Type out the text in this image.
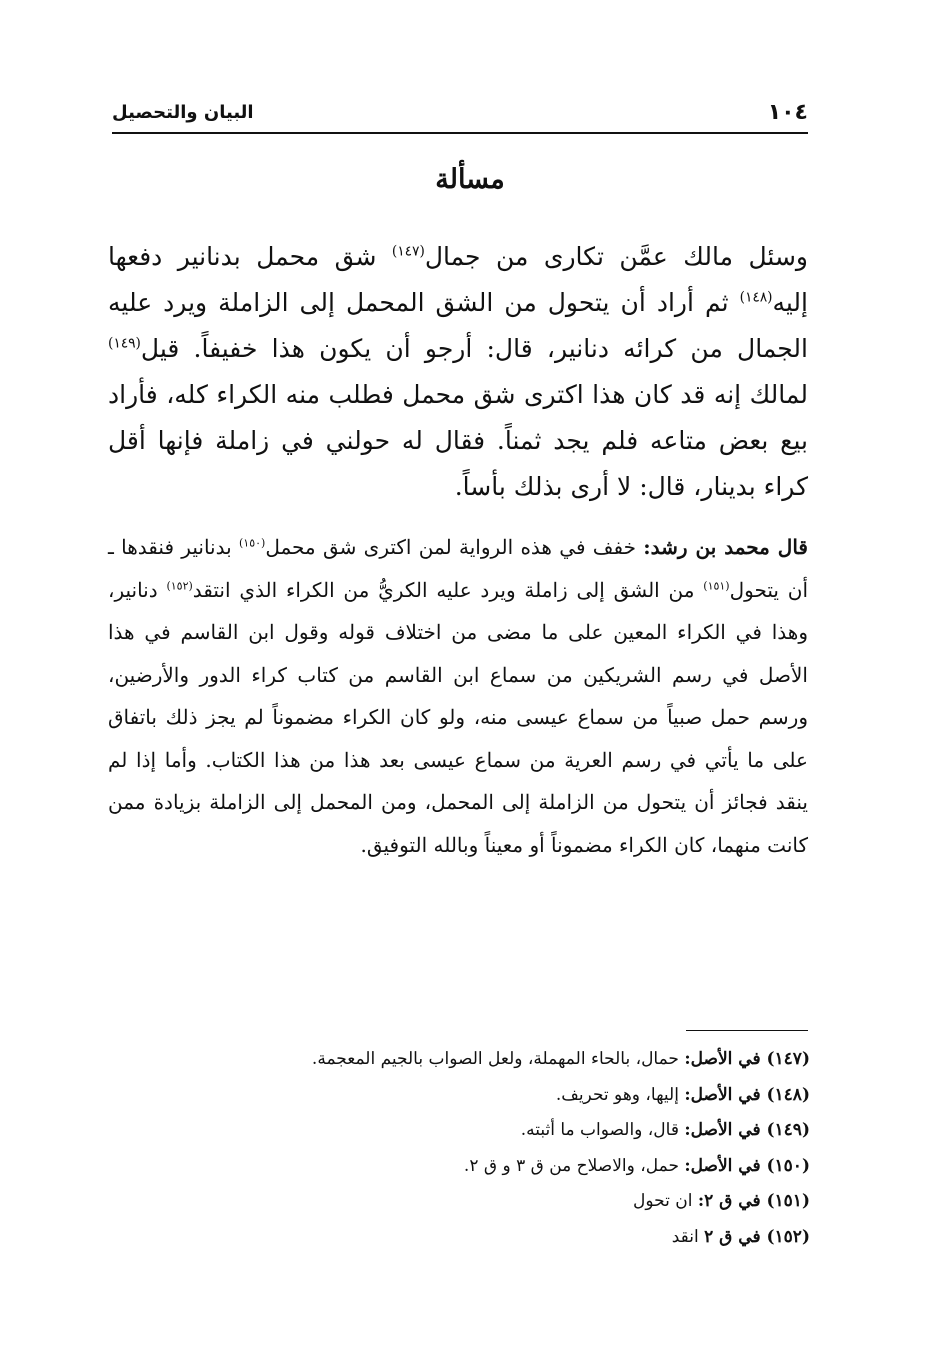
١٠٤
البيان والتحصيل
مسألة

وسئل مالك عمَّن تكارى من جمال$^{(١٤٧)}$ شق محمل بدنانير دفعها إليه$^{(١٤٨)}$ ثم أراد أن يتحول من الشق المحمل إلى الزاملة ويرد عليه الجمال من كرائه دنانير، قال: أرجو أن يكون هذا خفيفاً. قيل$^{(١٤٩)}$ لمالك إنه قد كان هذا اكترى شق محمل فطلب منه الكراء كله، فأراد بيع بعض متاعه فلم يجد ثمناً. فقال له حولني في زاملة فإنها أقل كراء بدينار، قال: لا أرى بذلك بأساً.

قال محمد بن رشد: خفف في هذه الرواية لمن اكترى شق محمل$^{(١٥٠)}$ بدنانير فنقدها ـ أن يتحول$^{(١٥١)}$ من الشق إلى زاملة ويرد عليه الكريُّ من الكراء الذي انتقد$^{(١٥٢)}$ دنانير، وهذا في الكراء المعين على ما مضى من اختلاف قوله وقول ابن القاسم في هذا الأصل في رسم الشريكين من سماع ابن القاسم من كتاب كراء الدور والأرضين، ورسم حمل صبياً من سماع عيسى منه، ولو كان الكراء مضموناً لم يجز ذلك باتفاق على ما يأتي في رسم العرية من سماع عيسى بعد هذا من هذا الكتاب. وأما إذا لم ينقد فجائز أن يتحول من الزاملة إلى المحمل، ومن المحمل إلى الزاملة بزيادة ممن كانت منهما، كان الكراء مضموناً أو معيناً وبالله التوفيق.

(١٤٧) في الأصل: حمال، بالحاء المهملة، ولعل الصواب بالجيم المعجمة.
(١٤٨) في الأصل: إليها، وهو تحريف.
(١٤٩) في الأصل: قال، والصواب ما أثبته.
(١٥٠) في الأصل: حمل، والاصلاح من ق ٣ و ق ٢.
(١٥١) في ق ٢: ان تحول
(١٥٢) في ق ٢ انقد
